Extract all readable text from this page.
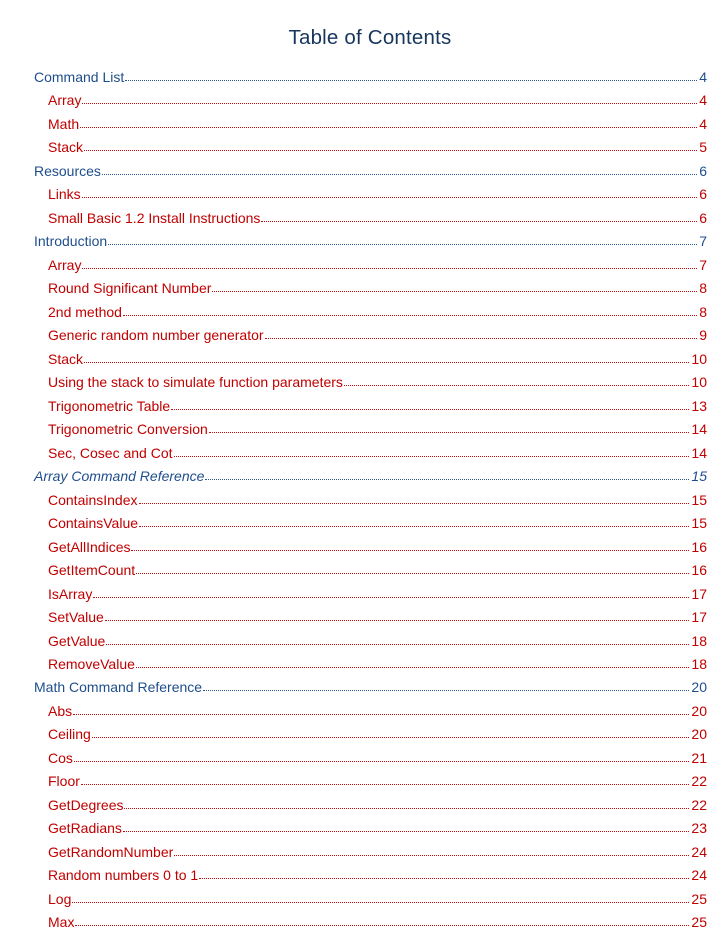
Table of Contents
Command List	4
Array	4
Math	4
Stack	5
Resources	6
Links	6
Small Basic 1.2 Install Instructions	6
Introduction	7
Array	7
Round Significant Number	8
2nd method	8
Generic random number generator	9
Stack	10
Using the stack to simulate function parameters	10
Trigonometric Table	13
Trigonometric Conversion	14
Sec, Cosec and Cot	14
Array Command Reference	15
ContainsIndex	15
ContainsValue	15
GetAllIndices	16
GetItemCount	16
IsArray	17
SetValue	17
GetValue	18
RemoveValue	18
Math Command Reference	20
Abs	20
Ceiling	20
Cos	21
Floor	22
GetDegrees	22
GetRadians	23
GetRandomNumber	24
Random numbers 0 to 1	24
Log	25
Max	25
